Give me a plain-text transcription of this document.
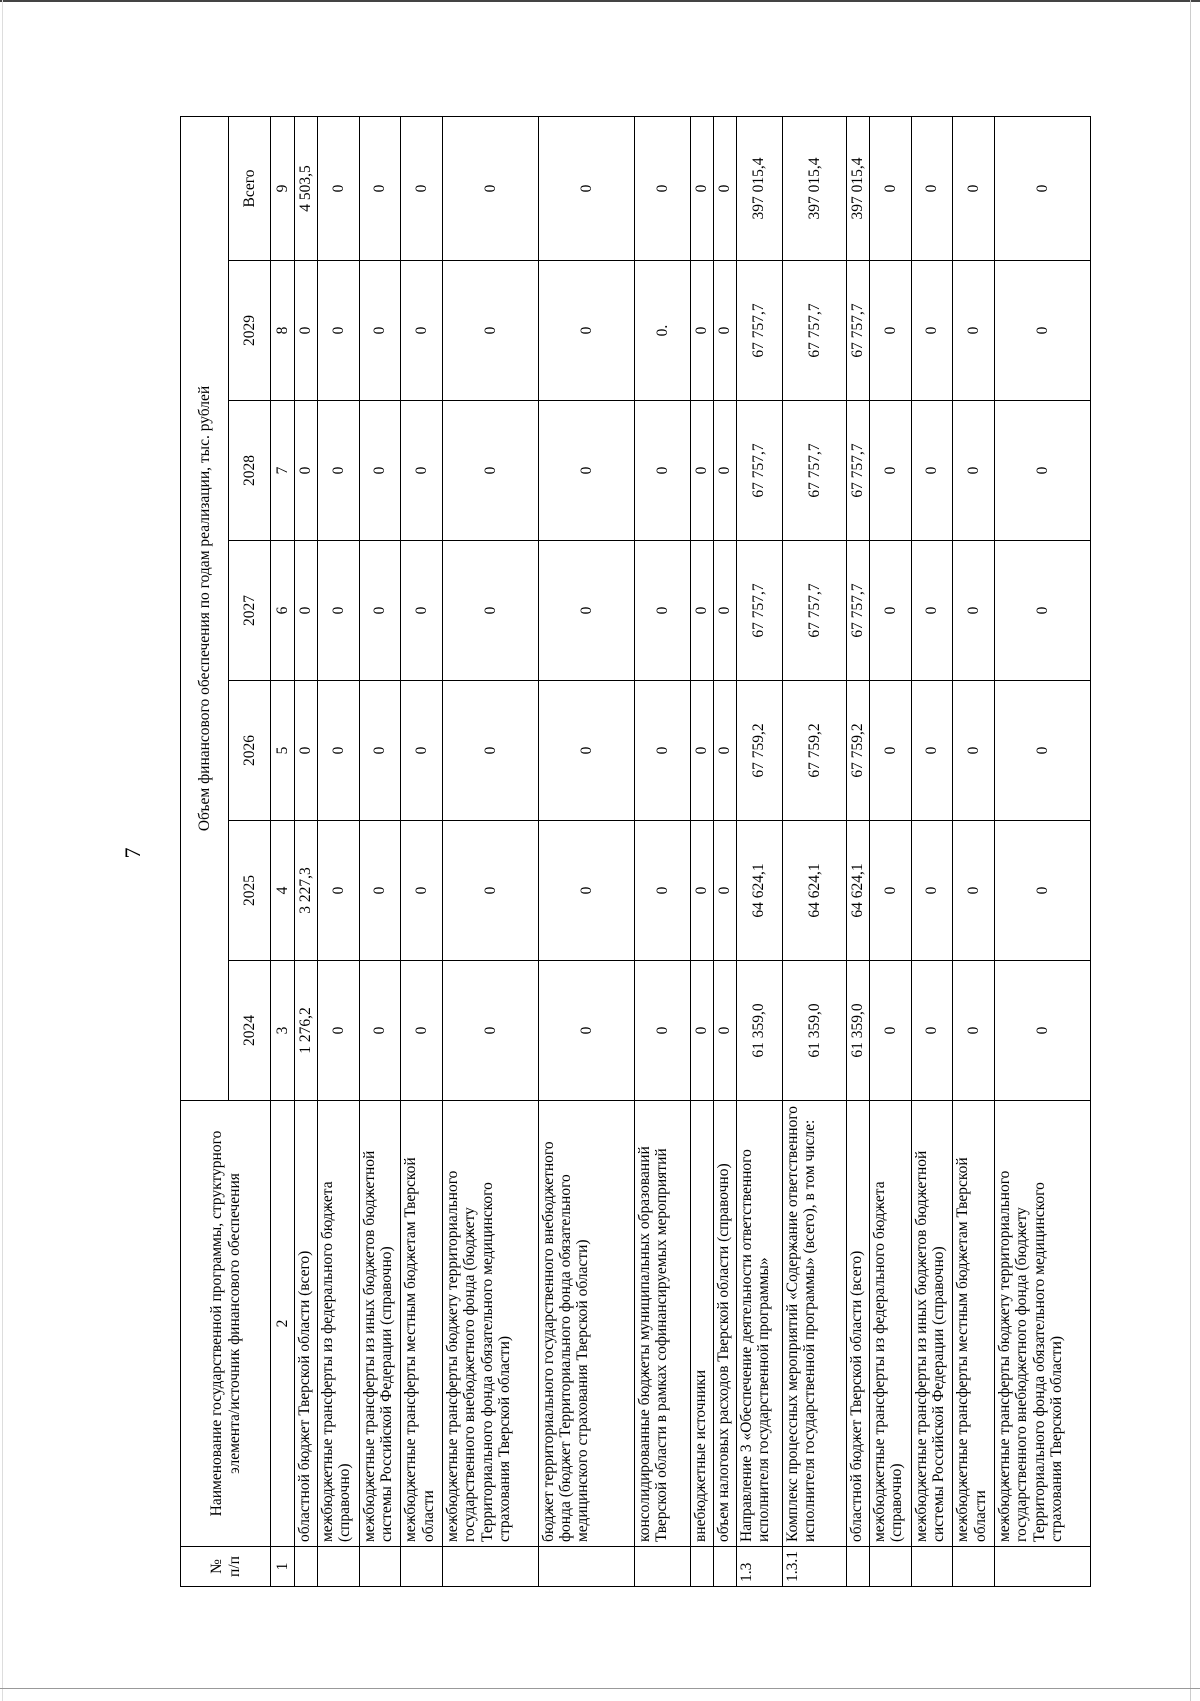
7
№ п/п	Наименование государственной программы, структурного элемента/источник финансового обеспечения	Объем финансового обеспечения по годам реализации, тыс. рублей						
		2024	2025	2026	2027	2028	2029	Всего
1	2	3	4	5	6	7	8	9
	областной бюджет Тверской области (всего)	1 276,2	3 227,3	0	0	0	0	4 503,5
	межбюджетные трансферты из федерального бюджета (справочно)	0	0	0	0	0	0	0
	межбюджетные трансферты из иных бюджетов бюджетной системы Российской Федерации (справочно)	0	0	0	0	0	0	0
	межбюджетные трансферты местным бюджетам Тверской области	0	0	0	0	0	0	0
	межбюджетные трансферты бюджету территориального государственного внебюджетного фонда (бюджету Территориального фонда обязательного медицинского страхования Тверской области)	0	0	0	0	0	0	0
	бюджет территориального государственного внебюджетного фонда (бюджет Территориального фонда обязательного медицинского страхования Тверской области)	0	0	0	0	0	0	0
	консолидированные бюджеты муниципальных образований Тверской области в рамках софинансируемых мероприятий	0	0	0	0	0	0.	0
	внебюджетные источники	0	0	0	0	0	0	0
	объем налоговых расходов Тверской области (справочно)	0	0	0	0	0	0	0
1.3	Направление 3 «Обеспечение деятельности ответственного исполнителя государственной программы»	61 359,0	64 624,1	67 759,2	67 757,7	67 757,7	67 757,7	397 015,4
1.3.1	Комплекс процессных мероприятий «Содержание ответственного исполнителя государственной программы» (всего), в том числе:	61 359,0	64 624,1	67 759,2	67 757,7	67 757,7	67 757,7	397 015,4
	областной бюджет Тверской области (всего)	61 359,0	64 624,1	67 759,2	67 757,7	67 757,7	67 757,7	397 015,4
	межбюджетные трансферты из федерального бюджета (справочно)	0	0	0	0	0	0	0
	межбюджетные трансферты из иных бюджетов бюджетной системы Российской Федерации (справочно)	0	0	0	0	0	0	0
	межбюджетные трансферты местным бюджетам Тверской области	0	0	0	0	0	0	0
	межбюджетные трансферты бюджету территориального государственного внебюджетного фонда (бюджету Территориального фонда обязательного медицинского страхования Тверской области)	0	0	0	0	0	0	0
